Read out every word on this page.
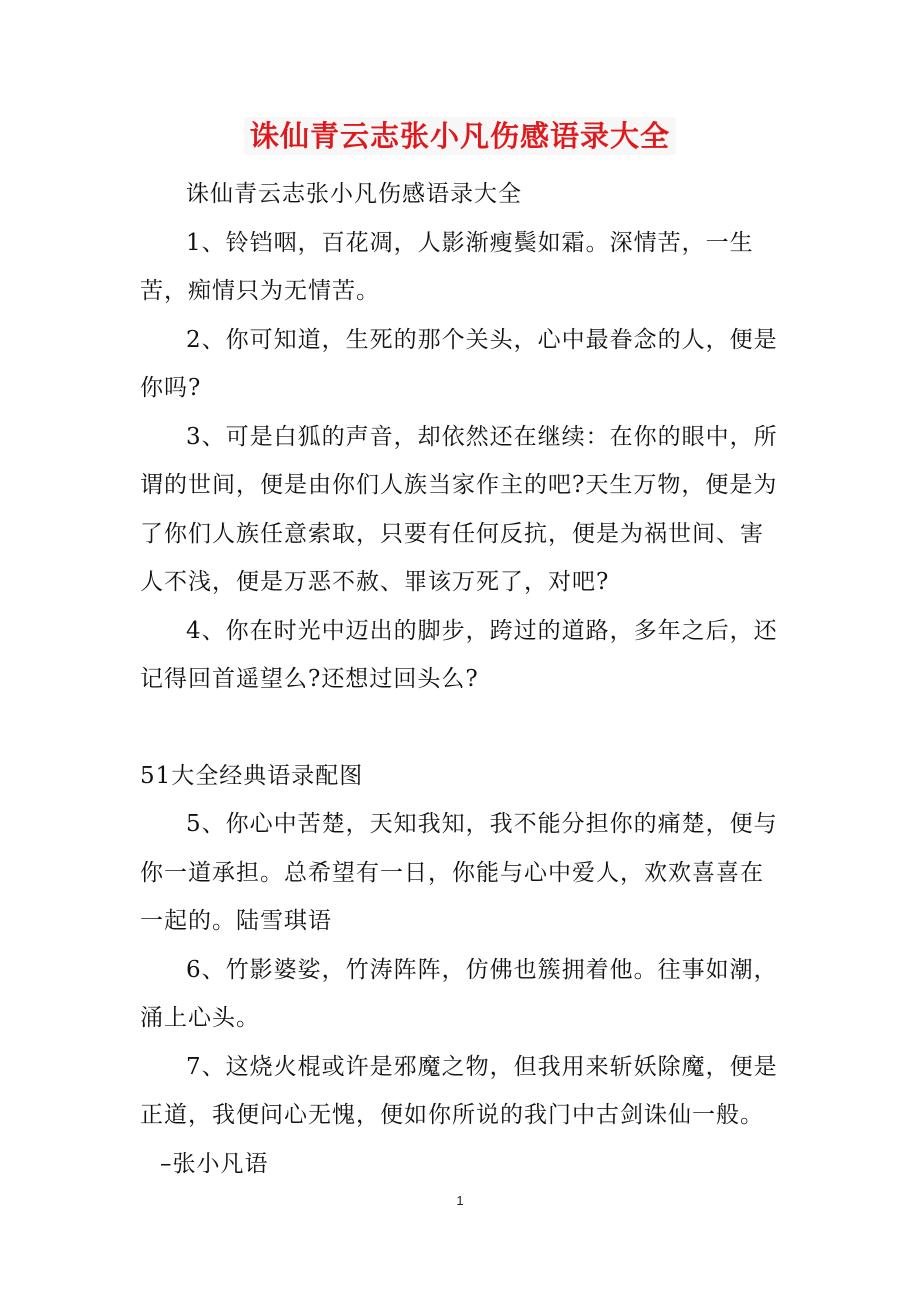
诛仙青云志张小凡伤感语录大全

诛仙青云志张小凡伤感语录大全

1、铃铛咽，百花凋，人影渐瘦鬓如霜。深情苦，一生苦，痴情只为无情苦。

2、你可知道，生死的那个关头，心中最眷念的人，便是你吗?

3、可是白狐的声音，却依然还在继续：在你的眼中，所谓的世间，便是由你们人族当家作主的吧?天生万物，便是为了你们人族任意索取，只要有任何反抗，便是为祸世间、害人不浅，便是万恶不赦、罪该万死了，对吧?

4、你在时光中迈出的脚步，跨过的道路，多年之后，还记得回首遥望么?还想过回头么?

51大全经典语录配图

5、你心中苦楚，天知我知，我不能分担你的痛楚，便与你一道承担。总希望有一日，你能与心中爱人，欢欢喜喜在一起的。陆雪琪语

6、竹影婆娑，竹涛阵阵，仿佛也簇拥着他。往事如潮，涌上心头。

7、这烧火棍或许是邪魔之物，但我用来斩妖除魔，便是正道，我便问心无愧，便如你所说的我门中古剑诛仙一般。

–张小凡语

1
